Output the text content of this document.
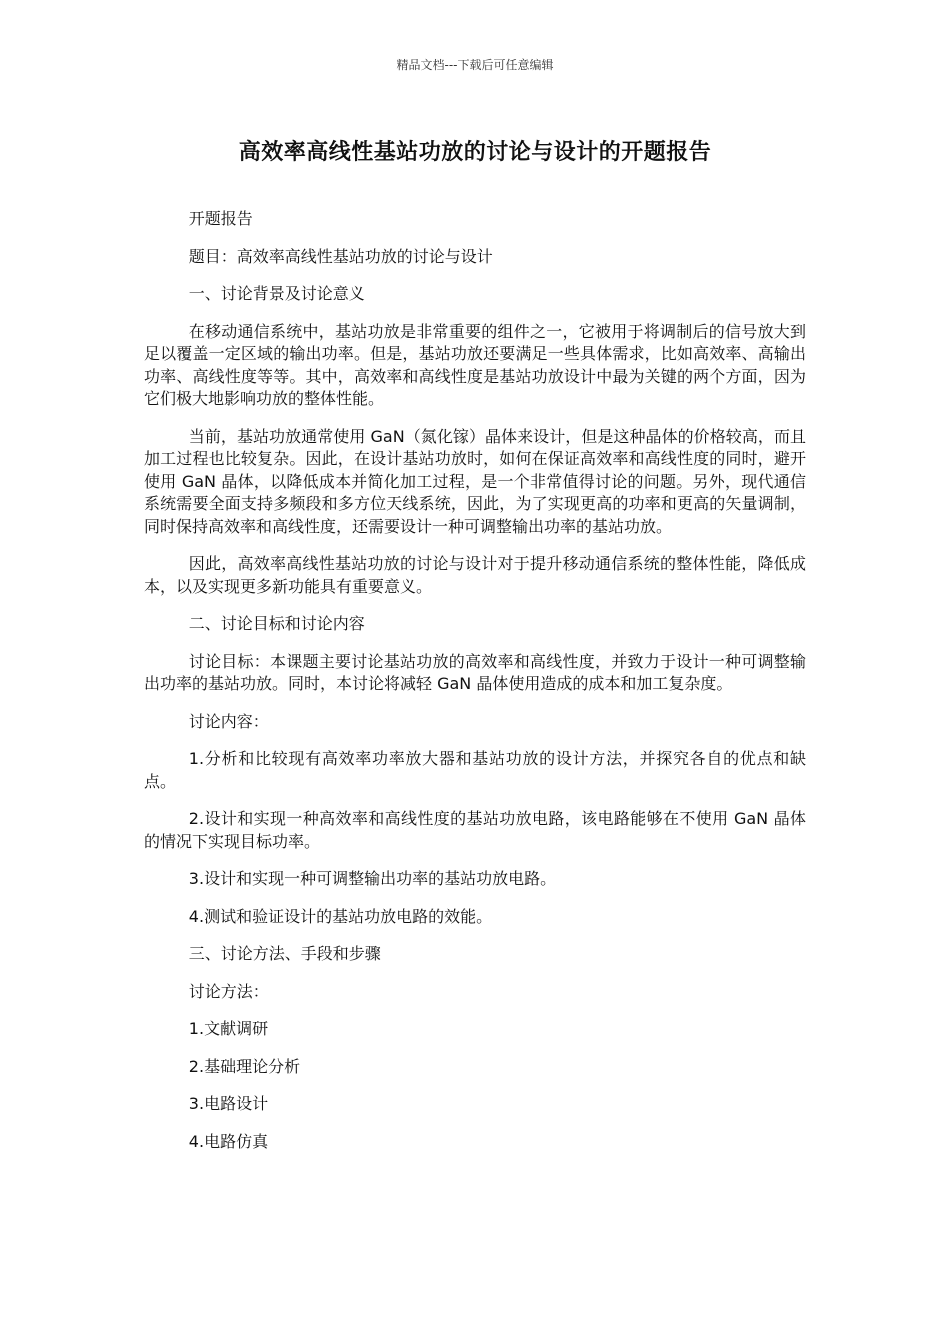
精品文档---下载后可任意编辑
高效率高线性基站功放的讨论与设计的开题报告

开题报告

题目：高效率高线性基站功放的讨论与设计

一、讨论背景及讨论意义

在移动通信系统中，基站功放是非常重要的组件之一，它被用于将调制后的信号放大到足以覆盖一定区域的输出功率。但是，基站功放还要满足一些具体需求，比如高效率、高输出功率、高线性度等等。其中，高效率和高线性度是基站功放设计中最为关键的两个方面，因为它们极大地影响功放的整体性能。

当前，基站功放通常使用 GaN（氮化镓）晶体来设计，但是这种晶体的价格较高，而且加工过程也比较复杂。因此，在设计基站功放时，如何在保证高效率和高线性度的同时，避开使用 GaN 晶体，以降低成本并简化加工过程，是一个非常值得讨论的问题。另外，现代通信系统需要全面支持多频段和多方位天线系统，因此，为了实现更高的功率和更高的矢量调制，同时保持高效率和高线性度，还需要设计一种可调整输出功率的基站功放。

因此，高效率高线性基站功放的讨论与设计对于提升移动通信系统的整体性能，降低成本，以及实现更多新功能具有重要意义。

二、讨论目标和讨论内容

讨论目标：本课题主要讨论基站功放的高效率和高线性度，并致力于设计一种可调整输出功率的基站功放。同时，本讨论将减轻 GaN 晶体使用造成的成本和加工复杂度。

讨论内容：

1.分析和比较现有高效率功率放大器和基站功放的设计方法，并探究各自的优点和缺点。

2.设计和实现一种高效率和高线性度的基站功放电路，该电路能够在不使用 GaN 晶体的情况下实现目标功率。

3.设计和实现一种可调整输出功率的基站功放电路。

4.测试和验证设计的基站功放电路的效能。

三、讨论方法、手段和步骤

讨论方法：

1.文献调研

2.基础理论分析

3.电路设计

4.电路仿真
